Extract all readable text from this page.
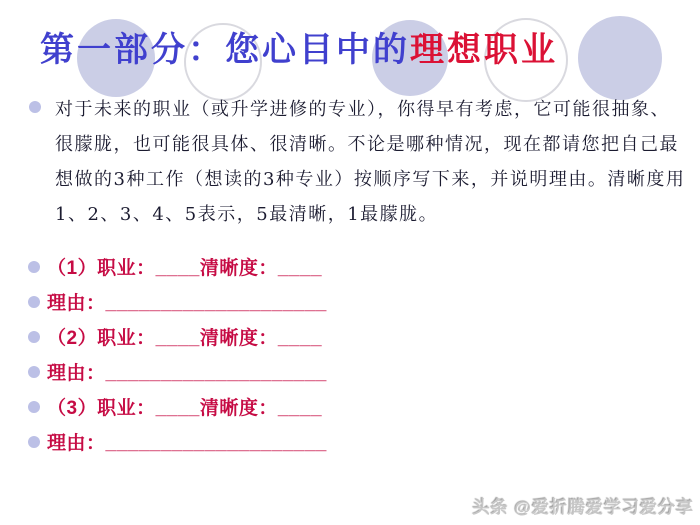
第一部分：您心目中的理想职业
对于未来的职业（或升学进修的专业），你得早有考虑，它可能很抽象、
很朦胧，也可能很具体、很清晰。不论是哪种情况，现在都请您把自己最
想做的3种工作（想读的3种专业）按顺序写下来，并说明理由。清晰度用
1、2、3、4、5表示，5最清晰，1最朦胧。
（1）职业：____清晰度：____
理由：____________________
（2）职业：____清晰度：____
理由：____________________
（3）职业：____清晰度：____
理由：____________________
头条 @爱折腾爱学习爱分享
